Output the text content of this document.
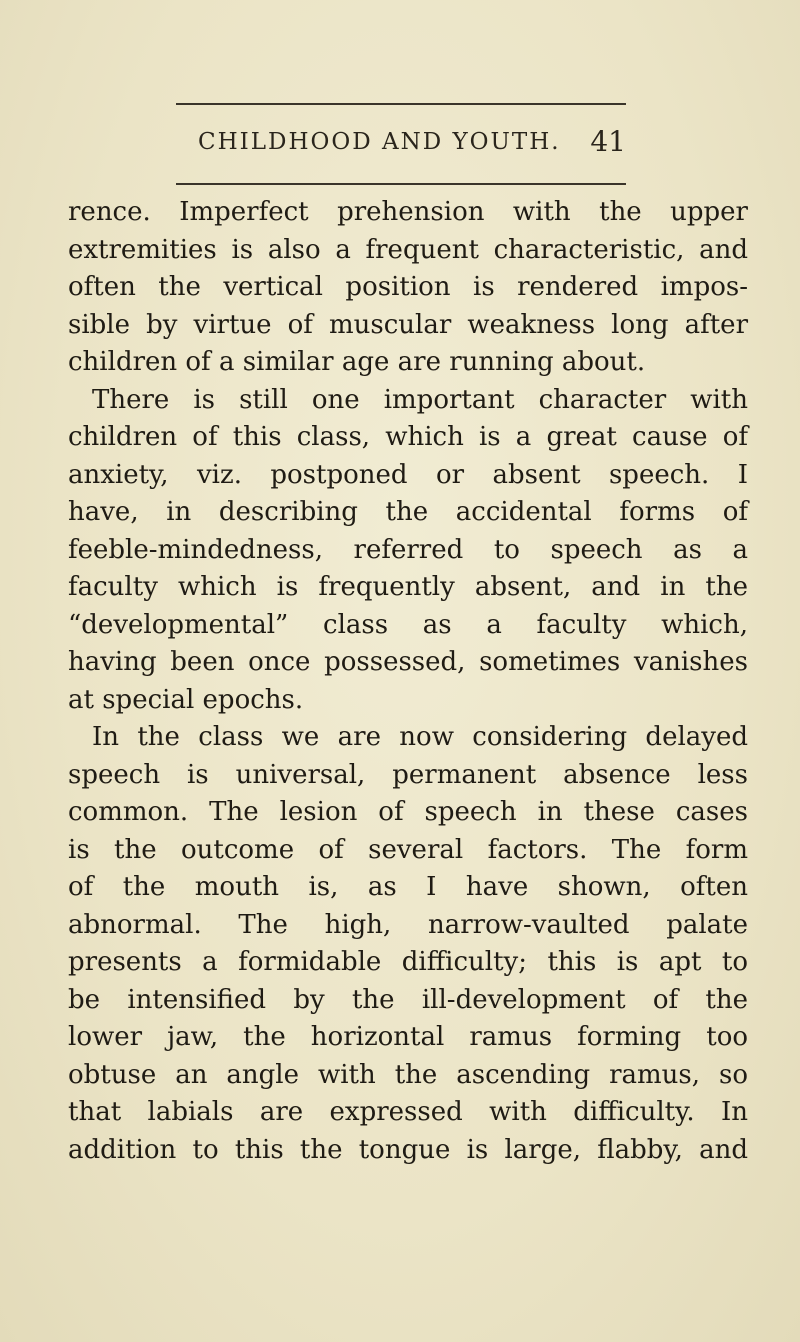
CHILDHOOD AND YOUTH. 41
rence. Imperfect prehension with the upper
extremities is also a frequent characteristic, and
often the vertical position is rendered impos-
sible by virtue of muscular weakness long after
children of a similar age are running about.
There is still one important character with
children of this class, which is a great cause of
anxiety, viz. postponed or absent speech. I
have, in describing the accidental forms of
feeble-mindedness, referred to speech as a
faculty which is frequently absent, and in the
“developmental” class as a faculty which,
having been once possessed, sometimes vanishes
at special epochs.
In the class we are now considering delayed
speech is universal, permanent absence less
common. The lesion of speech in these cases
is the outcome of several factors. The form
of the mouth is, as I have shown, often
abnormal. The high, narrow-vaulted palate
presents a formidable difficulty; this is apt to
be intensified by the ill-development of the
lower jaw, the horizontal ramus forming too
obtuse an angle with the ascending ramus, so
that labials are expressed with difficulty. In
addition to this the tongue is large, flabby, and
